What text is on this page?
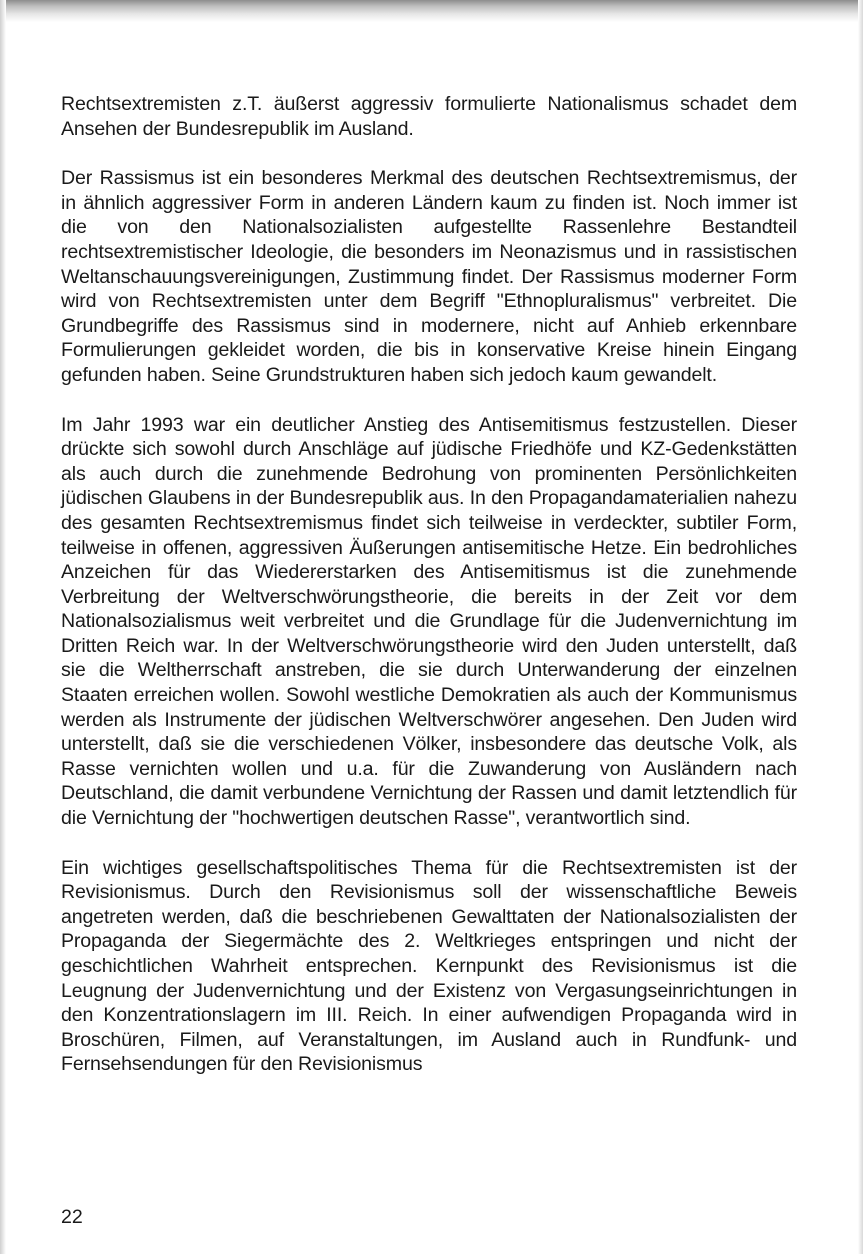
Rechtsextremisten z.T. äußerst aggressiv formulierte Nationalismus schadet dem Ansehen der Bundesrepublik im Ausland.

Der Rassismus ist ein besonderes Merkmal des deutschen Rechtsextremismus, der in ähnlich aggressiver Form in anderen Ländern kaum zu finden ist. Noch immer ist die von den Nationalsozialisten aufgestellte Rassenlehre Bestandteil rechtsextremistischer Ideologie, die besonders im Neonazismus und in rassistischen Weltanschauungsvereinigungen, Zustimmung findet. Der Rassismus moderner Form wird von Rechtsextremisten unter dem Begriff "Ethnopluralismus" verbreitet. Die Grundbegriffe des Rassismus sind in modernere, nicht auf Anhieb erkennbare Formulierungen gekleidet worden, die bis in konservative Kreise hinein Eingang gefunden haben. Seine Grundstrukturen haben sich jedoch kaum gewandelt.

Im Jahr 1993 war ein deutlicher Anstieg des Antisemitismus festzustellen. Dieser drückte sich sowohl durch Anschläge auf jüdische Friedhöfe und KZ-Gedenkstätten als auch durch die zunehmende Bedrohung von prominenten Persönlichkeiten jüdischen Glaubens in der Bundesrepublik aus. In den Propagandamaterialien nahezu des gesamten Rechtsextremismus findet sich teilweise in verdeckter, subtiler Form, teilweise in offenen, aggressiven Äußerungen antisemitische Hetze. Ein bedrohliches Anzeichen für das Wiedererstarken des Antisemitismus ist die zunehmende Verbreitung der Weltverschwörungstheorie, die bereits in der Zeit vor dem Nationalsozialismus weit verbreitet und die Grundlage für die Judenvernichtung im Dritten Reich war. In der Weltverschwörungstheorie wird den Juden unterstellt, daß sie die Weltherrschaft anstreben, die sie durch Unterwanderung der einzelnen Staaten erreichen wollen. Sowohl westliche Demokratien als auch der Kommunismus werden als Instrumente der jüdischen Weltverschwörer angesehen. Den Juden wird unterstellt, daß sie die verschiedenen Völker, insbesondere das deutsche Volk, als Rasse vernichten wollen und u.a. für die Zuwanderung von Ausländern nach Deutschland, die damit verbundene Vernichtung der Rassen und damit letztendlich für die Vernichtung der "hochwertigen deutschen Rasse", verantwortlich sind.

Ein wichtiges gesellschaftspolitisches Thema für die Rechtsextremisten ist der Revisionismus. Durch den Revisionismus soll der wissenschaftliche Beweis angetreten werden, daß die beschriebenen Gewalttaten der Nationalsozialisten der Propaganda der Siegermächte des 2. Weltkrieges entspringen und nicht der geschichtlichen Wahrheit entsprechen. Kernpunkt des Revisionismus ist die Leugnung der Judenvernichtung und der Existenz von Vergasungseinrichtungen in den Konzentrationslagern im III. Reich. In einer aufwendigen Propaganda wird in Broschüren, Filmen, auf Veranstaltungen, im Ausland auch in Rundfunk- und Fernsehsendungen für den Revisionismus

22
